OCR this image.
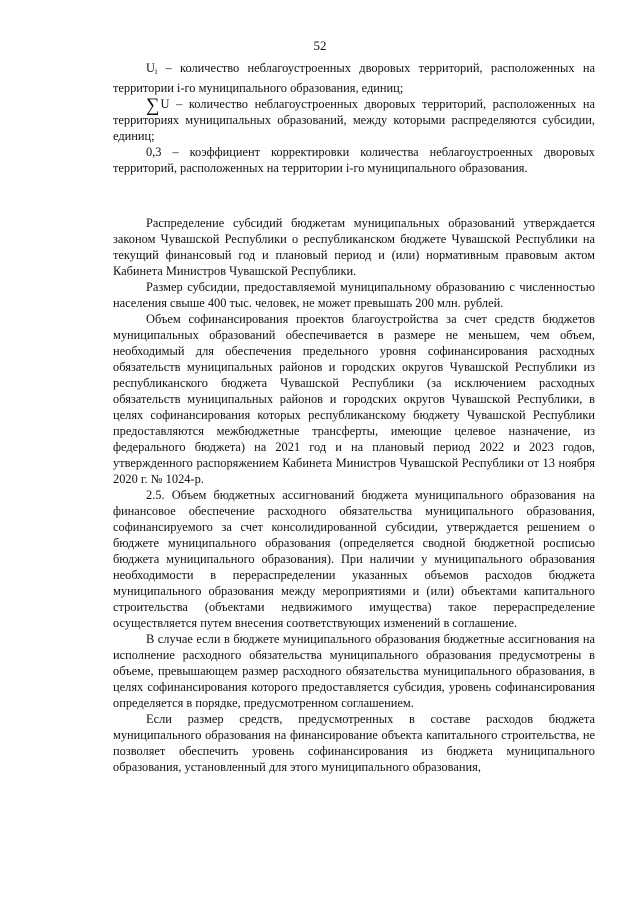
52

$U_i$ – количество неблагоустроенных дворовых территорий, расположенных на территории i-го муниципального образования, единиц;

∑U – количество неблагоустроенных дворовых территорий, расположенных на территориях муниципальных образований, между которыми распределяются субсидии, единиц;

0,3 – коэффициент корректировки количества неблагоустроенных дворовых территорий, расположенных на территории i-го муниципального образования.

Распределение субсидий бюджетам муниципальных образований утверждается законом Чувашской Республики о республиканском бюджете Чувашской Республики на текущий финансовый год и плановый период и (или) нормативным правовым актом Кабинета Министров Чувашской Республики.

Размер субсидии, предоставляемой муниципальному образованию с численностью населения свыше 400 тыс. человек, не может превышать 200 млн. рублей.

Объем софинансирования проектов благоустройства за счет средств бюджетов муниципальных образований обеспечивается в размере не меньшем, чем объем, необходимый для обеспечения предельного уровня софинансирования расходных обязательств муниципальных районов и городских округов Чувашской Республики из республиканского бюджета Чувашской Республики (за исключением расходных обязательств муниципальных районов и городских округов Чувашской Республики, в целях софинансирования которых республиканскому бюджету Чувашской Республики предоставляются межбюджетные трансферты, имеющие целевое назначение, из федерального бюджета) на 2021 год и на плановый период 2022 и 2023 годов, утвержденного распоряжением Кабинета Министров Чувашской Республики от 13 ноября 2020 г. № 1024-р.

2.5. Объем бюджетных ассигнований бюджета муниципального образования на финансовое обеспечение расходного обязательства муниципального образования, софинансируемого за счет консолидированной субсидии, утверждается решением о бюджете муниципального образования (определяется сводной бюджетной росписью бюджета муниципального образования). При наличии у муниципального образования необходимости в перераспределении указанных объемов расходов бюджета муниципального образования между мероприятиями и (или) объектами капитального строительства (объектами недвижимого имущества) такое перераспределение осуществляется путем внесения соответствующих изменений в соглашение.

В случае если в бюджете муниципального образования бюджетные ассигнования на исполнение расходного обязательства муниципального образования предусмотрены в объеме, превышающем размер расходного обязательства муниципального образования, в целях софинансирования которого предоставляется субсидия, уровень софинансирования определяется в порядке, предусмотренном соглашением.

Если размер средств, предусмотренных в составе расходов бюджета муниципального образования на финансирование объекта капитального строительства, не позволяет обеспечить уровень софинансирования из бюджета муниципального образования, установленный для этого муниципального образования,
